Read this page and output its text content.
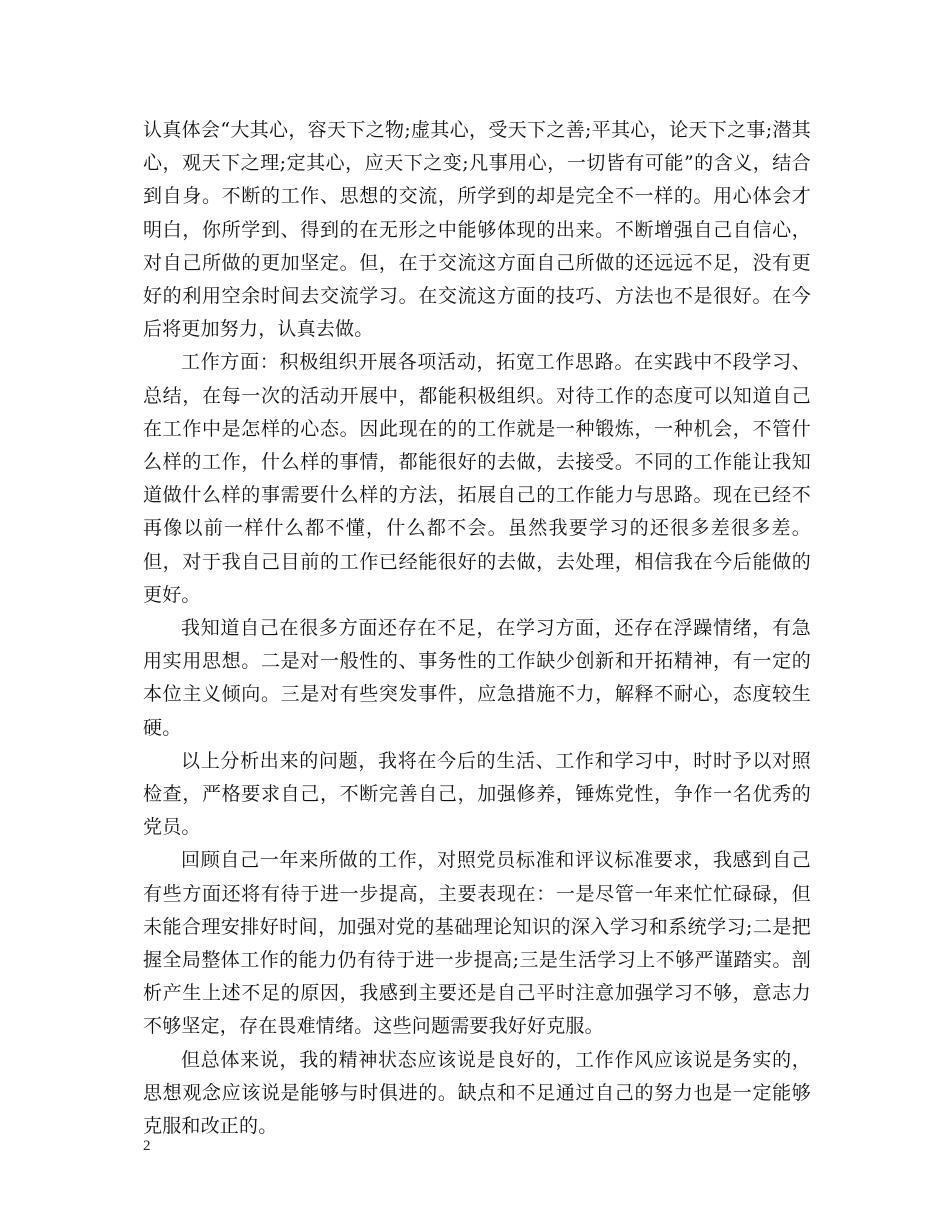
认真体会“大其心，容天下之物;虚其心，受天下之善;平其心，论天下之事;潜其心，观天下之理;定其心，应天下之变;凡事用心，一切皆有可能”的含义，结合到自身。不断的工作、思想的交流，所学到的却是完全不一样的。用心体会才明白，你所学到、得到的在无形之中能够体现的出来。不断增强自己自信心，对自己所做的更加坚定。但，在于交流这方面自己所做的还远远不足，没有更好的利用空余时间去交流学习。在交流这方面的技巧、方法也不是很好。在今后将更加努力，认真去做。

工作方面：积极组织开展各项活动，拓宽工作思路。在实践中不段学习、总结，在每一次的活动开展中，都能积极组织。对待工作的态度可以知道自己在工作中是怎样的心态。因此现在的的工作就是一种锻炼，一种机会，不管什么样的工作，什么样的事情，都能很好的去做，去接受。不同的工作能让我知道做什么样的事需要什么样的方法，拓展自己的工作能力与思路。现在已经不再像以前一样什么都不懂，什么都不会。虽然我要学习的还很多差很多差。但，对于我自己目前的工作已经能很好的去做，去处理，相信我在今后能做的更好。

我知道自己在很多方面还存在不足，在学习方面，还存在浮躁情绪，有急用实用思想。二是对一般性的、事务性的工作缺少创新和开拓精神，有一定的本位主义倾向。三是对有些突发事件，应急措施不力，解释不耐心，态度较生硬。

以上分析出来的问题，我将在今后的生活、工作和学习中，时时予以对照检查，严格要求自己，不断完善自己，加强修养，锤炼党性，争作一名优秀的党员。

回顾自己一年来所做的工作，对照党员标准和评议标准要求，我感到自己有些方面还将有待于进一步提高，主要表现在：一是尽管一年来忙忙碌碌，但未能合理安排好时间，加强对党的基础理论知识的深入学习和系统学习;二是把握全局整体工作的能力仍有待于进一步提高;三是生活学习上不够严谨踏实。剖析产生上述不足的原因，我感到主要还是自己平时注意加强学习不够，意志力不够坚定，存在畏难情绪。这些问题需要我好好克服。

但总体来说，我的精神状态应该说是良好的，工作作风应该说是务实的，思想观念应该说是能够与时俱进的。缺点和不足通过自己的努力也是一定能够克服和改正的。

2
